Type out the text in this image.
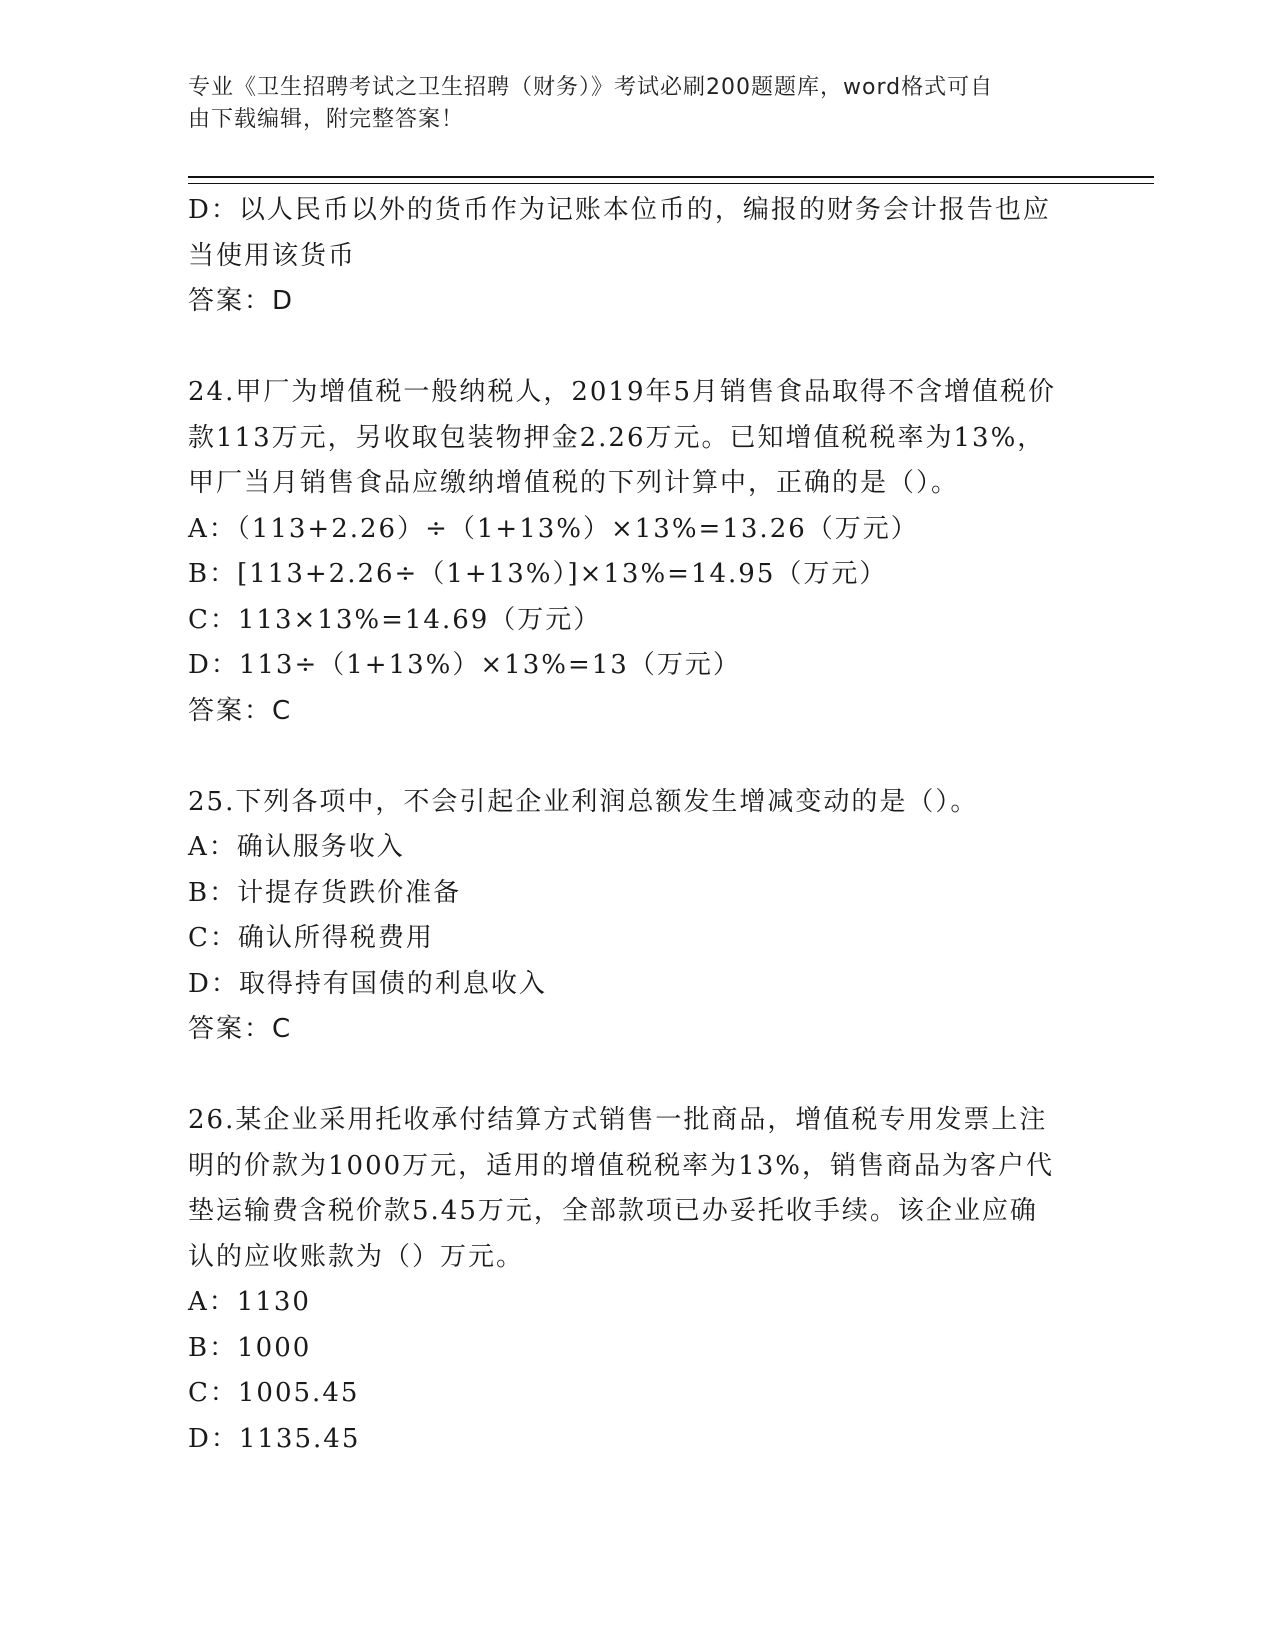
专业《卫生招聘考试之卫生招聘（财务）》考试必刷200题题库，word格式可自
由下载编辑，附完整答案！
D：以人民币以外的货币作为记账本位币的，编报的财务会计报告也应
当使用该货币
答案：D
24.甲厂为增值税一般纳税人，2019年5月销售食品取得不含增值税价
款113万元，另收取包装物押金2.26万元。已知增值税税率为13%，
甲厂当月销售食品应缴纳增值税的下列计算中，正确的是（）。
A：（113+2.26）÷（1+13%）×13%=13.26（万元）
B：[113+2.26÷（1+13%）]×13%=14.95（万元）
C：113×13%=14.69（万元）
D：113÷（1+13%）×13%=13（万元）
答案：C
25.下列各项中，不会引起企业利润总额发生增减变动的是（）。
A：确认服务收入
B：计提存货跌价准备
C：确认所得税费用
D：取得持有国债的利息收入
答案：C
26.某企业采用托收承付结算方式销售一批商品，增值税专用发票上注
明的价款为1000万元，适用的增值税税率为13%，销售商品为客户代
垫运输费含税价款5.45万元，全部款项已办妥托收手续。该企业应确
认的应收账款为（）万元。
A：1130
B：1000
C：1005.45
D：1135.45
